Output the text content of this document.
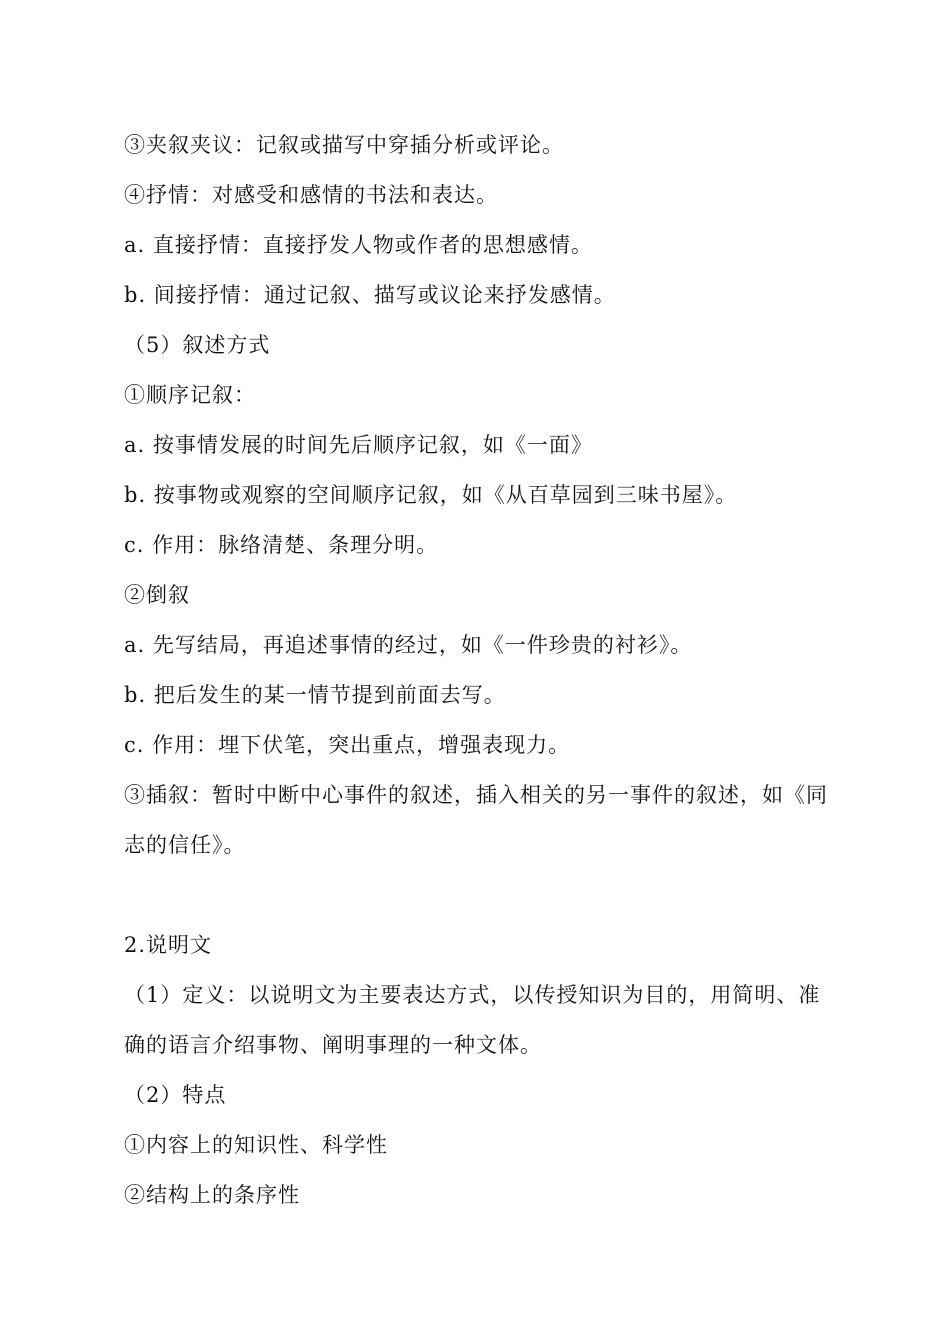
③夹叙夹议：记叙或描写中穿插分析或评论。
④抒情：对感受和感情的书法和表达。
a. 直接抒情：直接抒发人物或作者的思想感情。
b. 间接抒情：通过记叙、描写或议论来抒发感情。
（5）叙述方式
①顺序记叙：
a. 按事情发展的时间先后顺序记叙，如《一面》
b. 按事物或观察的空间顺序记叙，如《从百草园到三味书屋》。
c. 作用：脉络清楚、条理分明。
②倒叙
a. 先写结局，再追述事情的经过，如《一件珍贵的衬衫》。
b. 把后发生的某一情节提到前面去写。
c. 作用：埋下伏笔，突出重点，增强表现力。
③插叙：暂时中断中心事件的叙述，插入相关的另一事件的叙述，如《同
志的信任》。
2.说明文
（1）定义：以说明文为主要表达方式，以传授知识为目的，用简明、准
确的语言介绍事物、阐明事理的一种文体。
（2）特点
①内容上的知识性、科学性
②结构上的条序性
